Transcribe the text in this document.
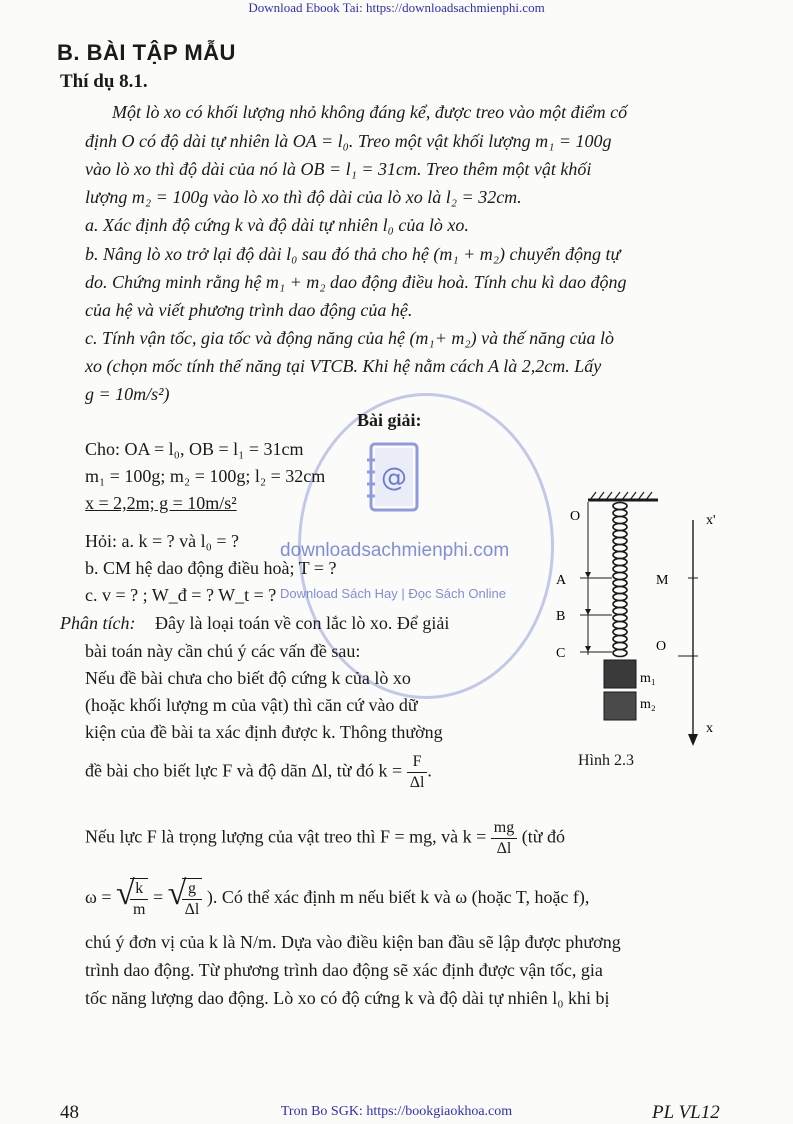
Download Ebook Tai: https://downloadsachmienphi.com
B. BÀI TẬP MẪU
Thí dụ 8.1.
Một lò xo có khối lượng nhỏ không đáng kể, được treo vào một điểm cố
định O có độ dài tự nhiên là OA = l₀. Treo một vật khối lượng m₁ = 100g
vào lò xo thì độ dài của nó là OB = l₁ = 31cm. Treo thêm một vật khối
lượng m₂ = 100g vào lò xo thì độ dài của lò xo là l₂ = 32cm.
a. Xác định độ cứng k và độ dài tự nhiên l₀ của lò xo.
b. Nâng lò xo trở lại độ dài l₀ sau đó thả cho hệ (m₁ + m₂) chuyển động tự
do. Chứng minh rằng hệ m₁ + m₂ dao động điều hoà. Tính chu kì dao động
của hệ và viết phương trình dao động của hệ.
c. Tính vận tốc, gia tốc và động năng của hệ (m₁+ m₂) và thế năng của lò
xo (chọn mốc tính thế năng tại VTCB. Khi hệ nằm cách A là 2,2cm. Lấy
g = 10m/s²)
@
downloadsachmienphi.com
Download Sách Hay | Đọc Sách Online
Bài giải:
Cho: OA = l₀, OB = l₁ = 31cm
m₁ = 100g; m₂ = 100g; l₂ = 32cm
x = 2,2m; g = 10m/s²
Hỏi: a. k = ? và l₀ = ?
b. CM hệ dao động điều hoà; T = ?
c. v = ? ; W_đ = ? W_t = ?
Phân tích: Đây là loại toán về con lắc lò xo. Để giải
bài toán này cần chú ý các vấn đề sau:
Nếu đề bài chưa cho biết độ cứng k của lò xo
(hoặc khối lượng m của vật) thì căn cứ vào dữ
kiện của đề bài ta xác định được k. Thông thường
đề bài cho biết lực F và độ dãn Δl, từ đó $k = \frac{F}{\Delta l}$ .
Nếu lực F là trọng lượng của vật treo thì F = mg, và $k = \frac{mg}{\Delta l}$ (từ đó
ω = √
$\frac{k}{m}$ = √
$\frac{g}{\Delta l}$ ). Có thể xác định m nếu biết k và ω (hoặc T, hoặc f),
chú ý đơn vị của k là N/m. Dựa vào điều kiện ban đầu sẽ lập được phương
trình dao động. Từ phương trình dao động sẽ xác định được vận tốc, gia
tốc năng lượng dao động. Lò xo có độ cứng k và độ dài tự nhiên l₀ khi bị
O
A
B
C
m₁
m₂
x'
M
O
x
Hình 2.3
48	Tron Bo SGK: https://bookgiaokhoa.com	PL VL12
